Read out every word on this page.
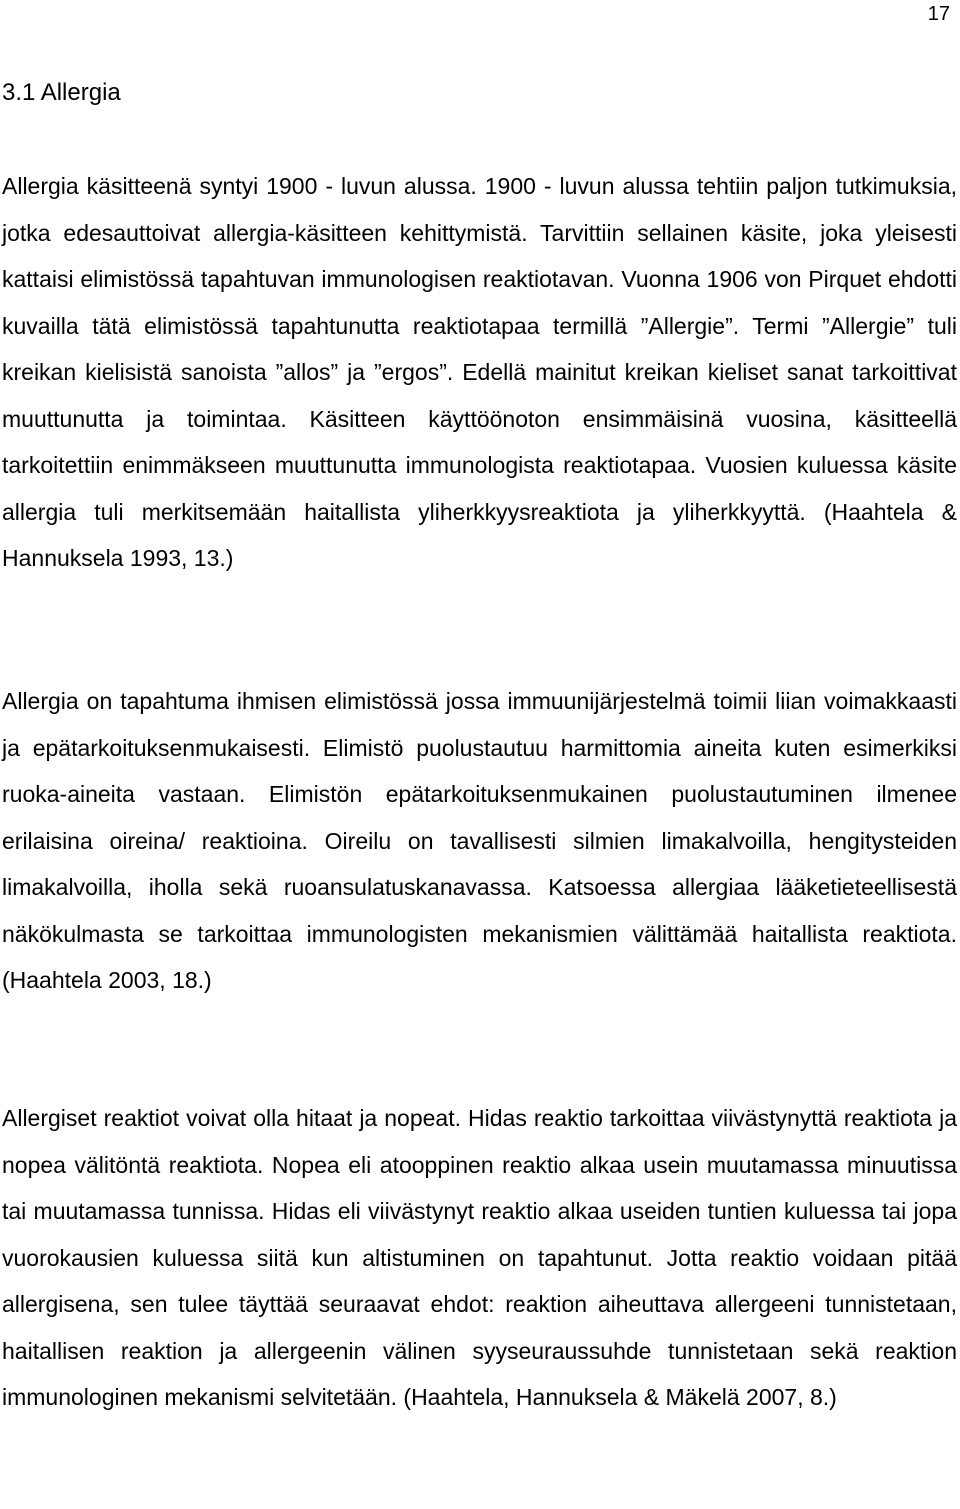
17
3.1 Allergia

Allergia käsitteenä syntyi 1900 - luvun alussa. 1900 - luvun alussa tehtiin paljon tutkimuksia, jotka edesauttoivat allergia-käsitteen kehittymistä. Tarvittiin sellainen käsite, joka yleisesti kattaisi elimistössä tapahtuvan immunologisen reaktiotavan. Vuonna 1906 von Pirquet ehdotti kuvailla tätä elimistössä tapahtunutta reaktiotapaa termillä ”Allergie”. Termi ”Allergie” tuli kreikan kielisistä sanoista ”allos” ja ”ergos”. Edellä mainitut kreikan kieliset sanat tarkoittivat muuttunutta ja toimintaa. Käsitteen käyttöönoton ensimmäisinä vuosina, käsitteellä tarkoitettiin enimmäkseen muuttunutta immunologista reaktiotapaa. Vuosien kuluessa käsite allergia tuli merkitsemään haitallista yliherkkyysreaktiota ja yliherkkyyttä. (Haahtela & Hannuksela 1993, 13.)

Allergia on tapahtuma ihmisen elimistössä jossa immuunijärjestelmä toimii liian voimakkaasti ja epätarkoituksenmukaisesti. Elimistö puolustautuu harmittomia aineita kuten esimerkiksi ruoka-aineita vastaan. Elimistön epätarkoituksenmukainen puolustautuminen ilmenee erilaisina oireina/ reaktioina. Oireilu on tavallisesti silmien limakalvoilla, hengitysteiden limakalvoilla, iholla sekä ruoansulatuskanavassa. Katsoessa allergiaa lääketieteellisestä näkökulmasta se tarkoittaa immunologisten mekanismien välittämää haitallista reaktiota. (Haahtela 2003, 18.)

Allergiset reaktiot voivat olla hitaat ja nopeat. Hidas reaktio tarkoittaa viivästynyttä reaktiota ja nopea välitöntä reaktiota. Nopea eli atooppinen reaktio alkaa usein muutamassa minuutissa tai muutamassa tunnissa. Hidas eli viivästynyt reaktio alkaa useiden tuntien kuluessa tai jopa vuorokausien kuluessa siitä kun altistuminen on tapahtunut. Jotta reaktio voidaan pitää allergisena, sen tulee täyttää seuraavat ehdot: reaktion aiheuttava allergeeni tunnistetaan, haitallisen reaktion ja allergeenin välinen syyseuraussuhde tunnistetaan sekä reaktion immunologinen mekanismi selvitetään. (Haahtela, Hannuksela & Mäkelä 2007, 8.)
